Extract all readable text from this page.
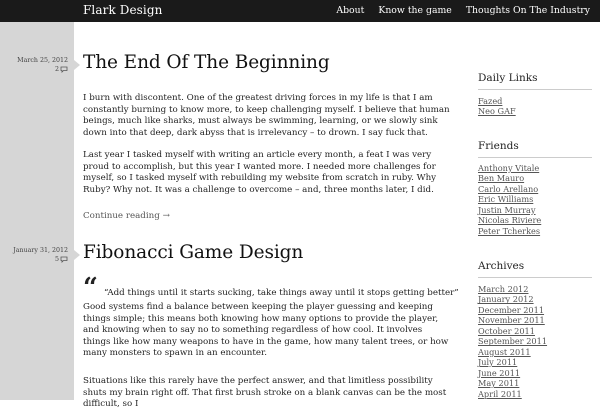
Flark Design	About	Know the game	Thoughts On The Industry
March 25, 2012
2 The End Of The Beginning

I burn with discontent. One of the greatest driving forces in my life is that I am constantly burning to know more, to keep challenging myself. I believe that human beings, much like sharks, must always be swimming, learning, or we slowly sink down into that deep, dark abyss that is irrelevancy – to drown. I say fuck that.

Last year I tasked myself with writing an article every month, a feat I was very proud to accomplish, but this year I wanted more. I needed more challenges for myself, so I tasked myself with rebuilding my website from scratch in ruby. Why Ruby? Why not. It was a challenge to overcome – and, three months later, I did.

Continue reading →
January 31, 2012
5 Fibonacci Game Design
“ “Add things until it starts sucking, take things away until it stops getting better”

Good systems find a balance between keeping the player guessing and keeping things simple; this means both knowing how many options to provide the player, and knowing when to say no to something regardless of how cool. It involves things like how many weapons to have in the game, how many talent trees, or how many monsters to spawn in an encounter.

Situations like this rarely have the perfect answer, and that limitless possibility shuts my brain right off. That first brush stroke on a blank canvas can be the most difficult, so I

Daily Links
Fazed
Neo GAF
Friends
Anthony Vitale
Ben Mauro
Carlo Arellano
Eric Williams
Justin Murray
Nicolas Riviere
Peter Tcherkes
Archives
March 2012
January 2012
December 2011
November 2011
October 2011
September 2011
August 2011
July 2011
June 2011
May 2011
April 2011
